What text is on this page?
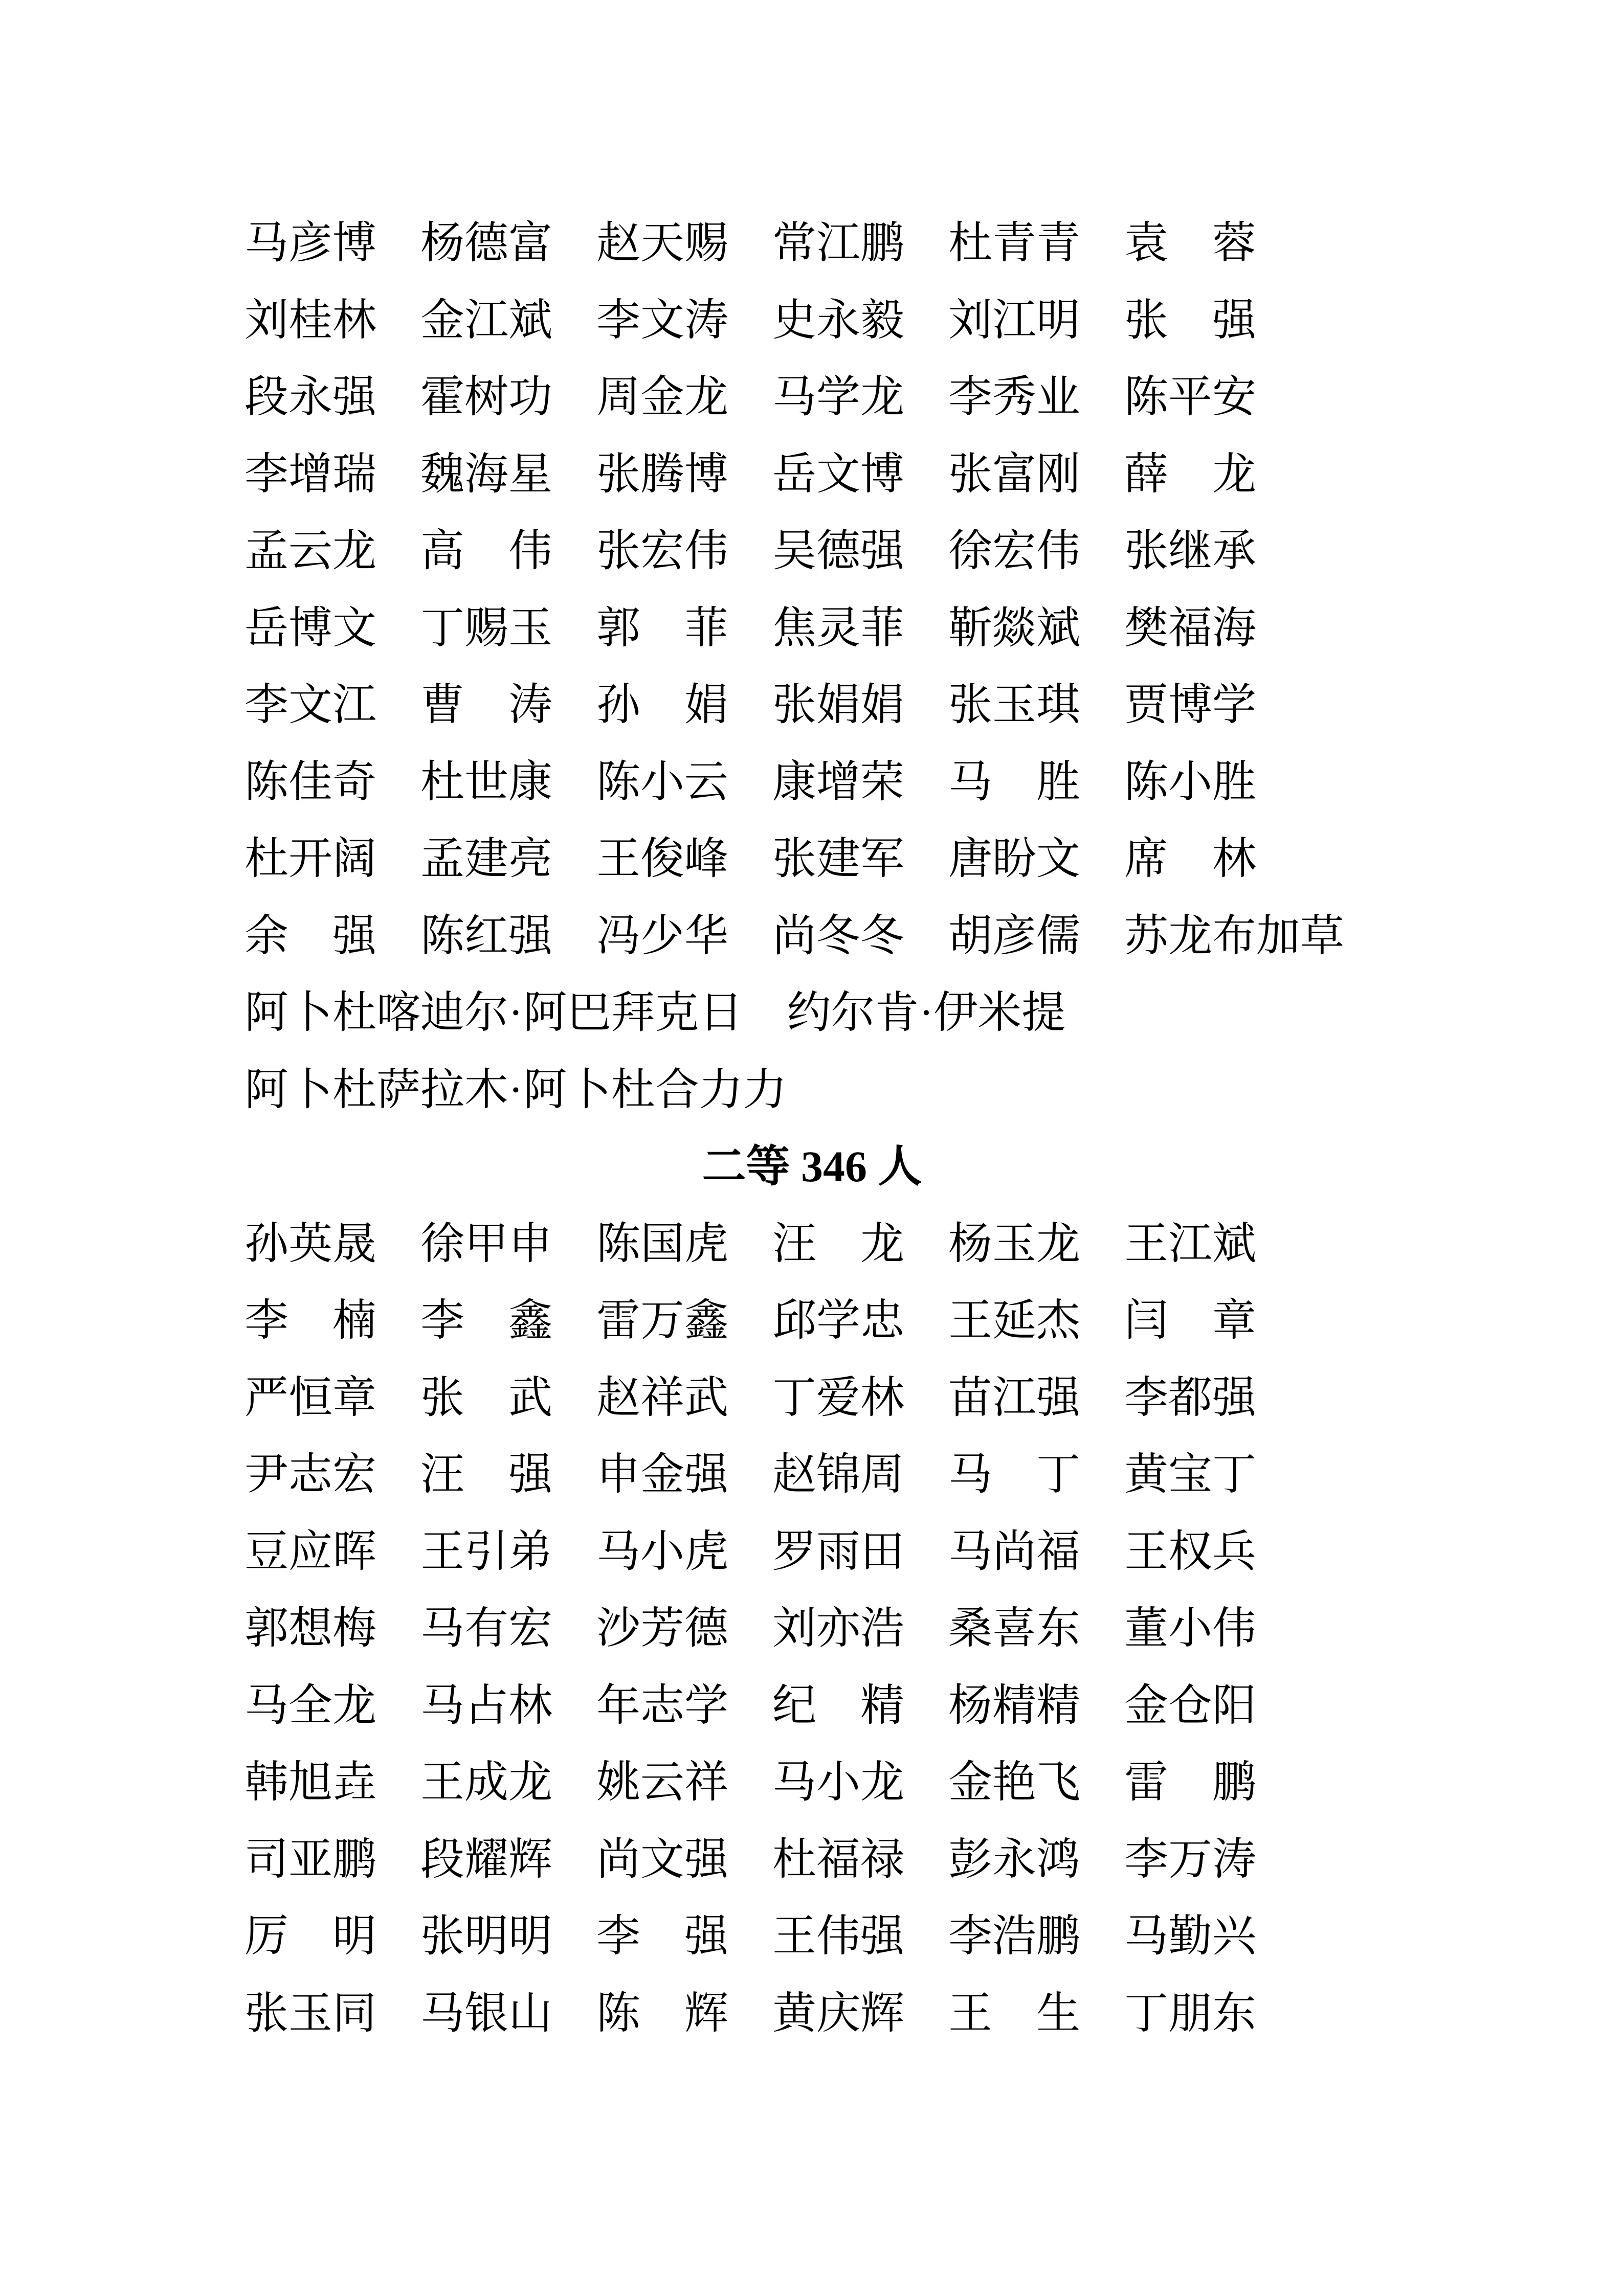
马彦博　 杨德富　 赵天赐　 常江鹏　 杜青青　 袁　蓉

刘桂林　 金江斌　 李文涛　 史永毅　 刘江明　 张　强

段永强　 霍树功　 周金龙　 马学龙　 李秀业　 陈平安

李增瑞　 魏海星　 张腾博　 岳文博　 张富刚　 薛　龙

孟云龙　 高　伟　 张宏伟　 吴德强　 徐宏伟　 张继承

岳博文　 丁赐玉　 郭　菲　 焦灵菲　 靳燚斌　 樊福海

李文江　 曹　涛　 孙　娟　 张娟娟　 张玉琪　 贾博学

陈佳奇　 杜世康　 陈小云　 康增荣　 马　胜　 陈小胜

杜开阔　 孟建亮　 王俊峰　 张建军　 唐盼文　 席　林

余　强　 陈红强　 冯少华　 尚冬冬　 胡彦儒　 苏龙布加草

阿卜杜喀迪尔·阿巴拜克日　 约尔肯·伊米提

阿卜杜萨拉木·阿卜杜合力力

二等 346 人

孙英晟　 徐甲申　 陈国虎　 汪　龙　 杨玉龙　 王江斌

李　楠　 李　鑫　 雷万鑫　 邱学忠　 王延杰　 闫　章

严恒章　 张　武　 赵祥武　 丁爱林　 苗江强　 李都强

尹志宏　 汪　强　 申金强　 赵锦周　 马　丁　 黄宝丁

豆应晖　 王引弟　 马小虎　 罗雨田　 马尚福　 王权兵

郭想梅　 马有宏　 沙芳德　 刘亦浩　 桑喜东　 董小伟

马全龙　 马占林　 年志学　 纪　精　 杨精精　 金仓阳

韩旭垚　 王成龙　 姚云祥　 马小龙　 金艳飞　 雷　鹏

司亚鹏　 段耀辉　 尚文强　 杜福禄　 彭永鸿　 李万涛

厉　明　 张明明　 李　强　 王伟强　 李浩鹏　 马勤兴

张玉同　 马银山　 陈　辉　 黄庆辉　 王　生　 丁朋东
